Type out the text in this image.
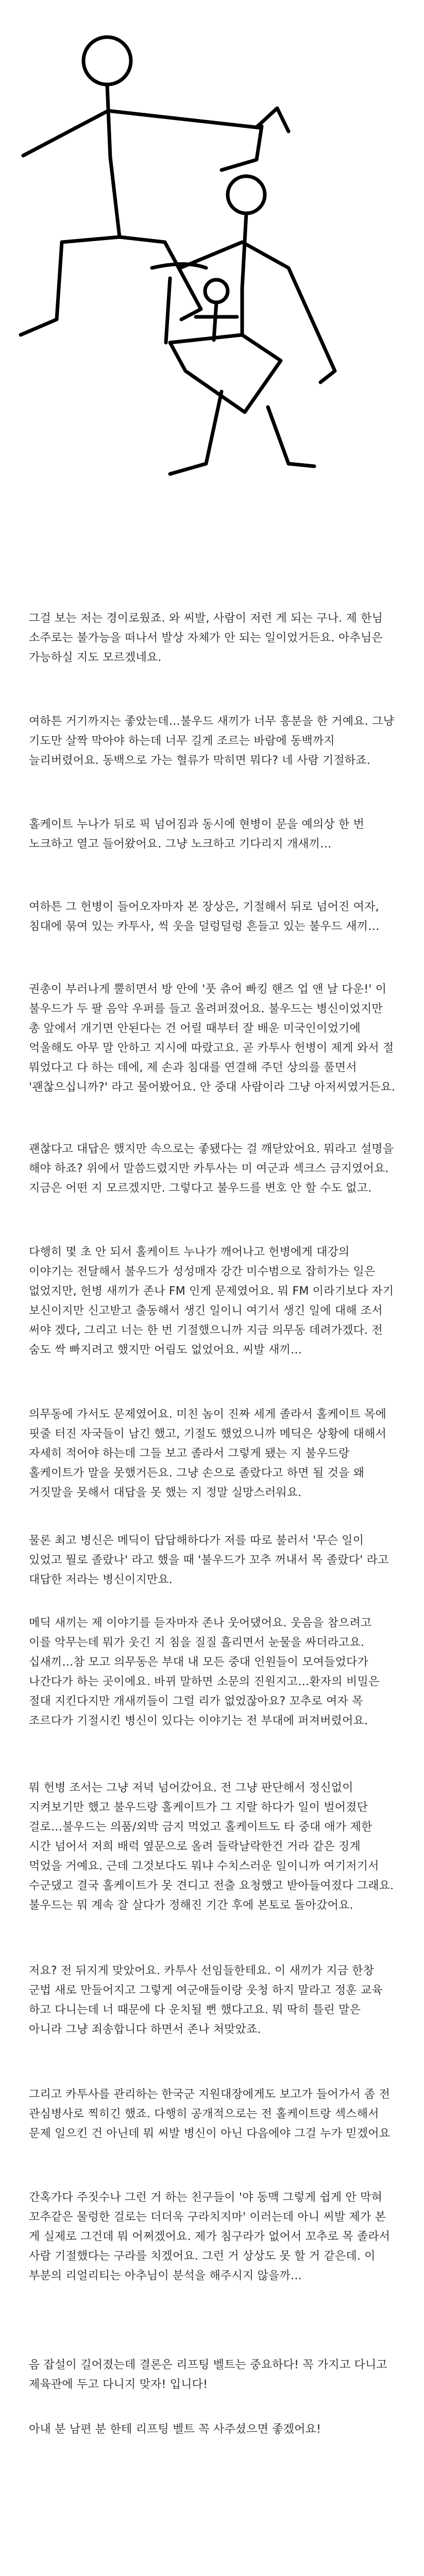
그걸 보는 저는 경이로웠죠. 와 씨발, 사람이 저런 게 되는 구나. 제 한님 소주로는 불가능을 떠나서 발상 자체가 안 되는 일이었거든요. 아추님은 가능하실 지도 모르겠네요.

여하튼 거기까지는 좋았는데…불우드 새끼가 너무 흥분을 한 거예요. 그냥 기도만 살짝 막아야 하는데 너무 길게 조르는 바람에 동백까지 늘리버렸어요. 동백으로 가는 혈류가 막히면 뭐다? 네 사람 기절하죠.

홀케이트 누나가 뒤로 픽 넘어짐과 동시에 현병이 문을 예의상 한 번 노크하고 열고 들어왔어요. 그냥 노크하고 기다리지 개새끼…

여하튼 그 헌병이 들어오자마자 본 장상은, 기절해서 뒤로 넘어진 여자, 침대에 묶여 있는 카투사, 씩 웃을 덜렁덜렁 흔들고 있는 불우드 새끼…

권총이 부러나게 뿔히면서 방 안에 '풋 츄어 빠킹 핸즈 업 앤 날 다운!' 이 불우드가 두 팔 음악 우퍼를 들고 올려퍼졌어요. 불우드는 병신이었지만 총 앞에서 개기면 안된다는 건 어릴 때부터 잘 배운 미국인이었기에 억울해도 아무 말 안하고 지시에 따랐고요. 곧 카투사 헌병이 제게 와서 절 뭐었다고 다 하는 데에, 제 손과 침대를 연결해 주던 상의를 풀면서 '괜찮으십니까?' 라고 물어봤어요. 안 중대 사람이라 그냥 아저씨였거든요.

괜찮다고 대답은 했지만 속으로는 좋됐다는 걸 깨닫았어요. 뭐라고 설명을 해야 하죠? 위에서 말씀드렸지만 카투사는 미 여군과 섹크스 금지였어요. 지금은 어떤 지 모르겠지만. 그렇다고 불우드를 변호 안 할 수도 없고.

다행히 몇 초 안 되서 홀케이트 누나가 깨어나고 헌병에게 대강의 이야기는 전달해서 불우드가 성성매자 강간 미수범으로 잡히가는 일은 없었지만, 헌병 새끼가 존나 FM 인게 문제였어요. 뭐 FM 이라기보다 자기 보신이지만 신고받고 출동해서 생긴 일이니 여기서 생긴 일에 대해 조서 써야 겠다, 그리고 너는 한 번 기절했으니까 지금 의무동 데려가겠다. 전 숨도 싹 빠지려고 했지만 어림도 없었어요. 씨발 새끼…

의무동에 가서도 문제였어요. 미친 놈이 진짜 세게 졸라서 홀케이트 목에 핏줄 터진 자국들이 남긴 했고, 기절도 했었으니까 메딕은 상황에 대해서 자세히 적어야 하는데 그들 보고 졸라서 그렇게 됐는 지 불우드랑 홀케이트가 말을 못했거든요. 그냥 손으로 졸랐다고 하면 될 것을 왜 거짓말을 못해서 대답을 못 했는 지 정말 실망스러워요.

물론 최고 병신은 메딕이 답답해하다가 저를 따로 불러서 '무슨 일이 있었고 뭘로 졸랐나' 라고 했을 때 '불우드가 꼬추 꺼내서 목 졸랐다' 라고 대답한 저라는 병신이지만요.

메딕 새끼는 제 이야기를 듣자마자 존나 웃어댔어요. 웃음을 참으려고 이를 악무는데 뭐가 웃긴 지 침을 질질 흘리면서 눈물을 싸더라고요. 십새끼…참 모고 의무동은 부대 내 모든 중대 인원들이 모여들었다가 나간다가 하는 곳이에요. 바뀌 말하면 소문의 진원지고…환자의 비밀은 절대 지킨다지만 개새끼들이 그럴 리가 없었잖아요? 꼬추로 여자 목 조르다가 기절시킨 병신이 있다는 이야기는 전 부대에 퍼져버렸어요.

뭐 헌병 조서는 그냥 저녁 넘어갔어요. 전 그냥 판단해서 정신없이 지켜보기만 했고 불우드랑 홀케이트가 그 지랄 하다가 일이 벌어졌단 걸로…불우드는 의품/외박 금지 먹었고 홀케이트도 타 중대 애가 제한 시간 넘어서 저희 배럭 옆문으로 올려 들락날락한건 거라 같은 징계 먹었을 거예요. 근데 그것보다도 뭐냐 수치스러운 일이니까 여기저기서 수군댔고 결국 홀케이트가 못 견디고 전출 요청했고 받아들여졌다 그래요. 불우드는 뭐 계속 잘 살다가 정해진 기간 후에 본토로 돌아갔어요.

저요? 전 뒤지게 맞았어요. 카투사 선임들한테요. 이 새끼가 지금 한창 군법 새로 만들어지고 그렇게 여군애들이랑 웃청 하지 말라고 정훈 교육 하고 다니는데 너 때문에 다 운치될 뻔 했다고요. 뭐 딱히 틀린 말은 아니라 그냥 죄송합니다 하면서 존나 처맞았죠.

그리고 카투사를 관리하는 한국군 지원대장에게도 보고가 들어가서 좀 전 관심병사로 찍히긴 했죠. 다행히 공개적으로는 전 홀케이트랑 섹스해서 문제 일으킨 건 아닌데 뭐 씨발 병신이 아닌 다음에야 그걸 누가 믿겠어요

간혹가다 주짓수나 그런 거 하는 친구들이 '야 동맥 그렇게 쉽게 안 막혀 꼬추같은 물렁한 걸로는 더더욱 구라치지마' 이러는데 아니 씨발 제가 본 게 실제로 그건데 뭐 어쩌겠어요. 제가 침구라가 없어서 꼬추로 목 졸라서 사람 기절했다는 구라를 치겠어요. 그런 거 상상도 못 할 거 같은데. 이 부분의 리얼리티는 아추님이 분석을 해주시지 않을까…

음 잡설이 길어졌는데 결론은 리프팅 벨트는 중요하다! 꼭 가지고 다니고 제육관에 두고 다니지 맞자! 입니다!

아내 분 남편 분 한테 리프팅 벨트 꼭 사주셨으면 좋겠어요!
